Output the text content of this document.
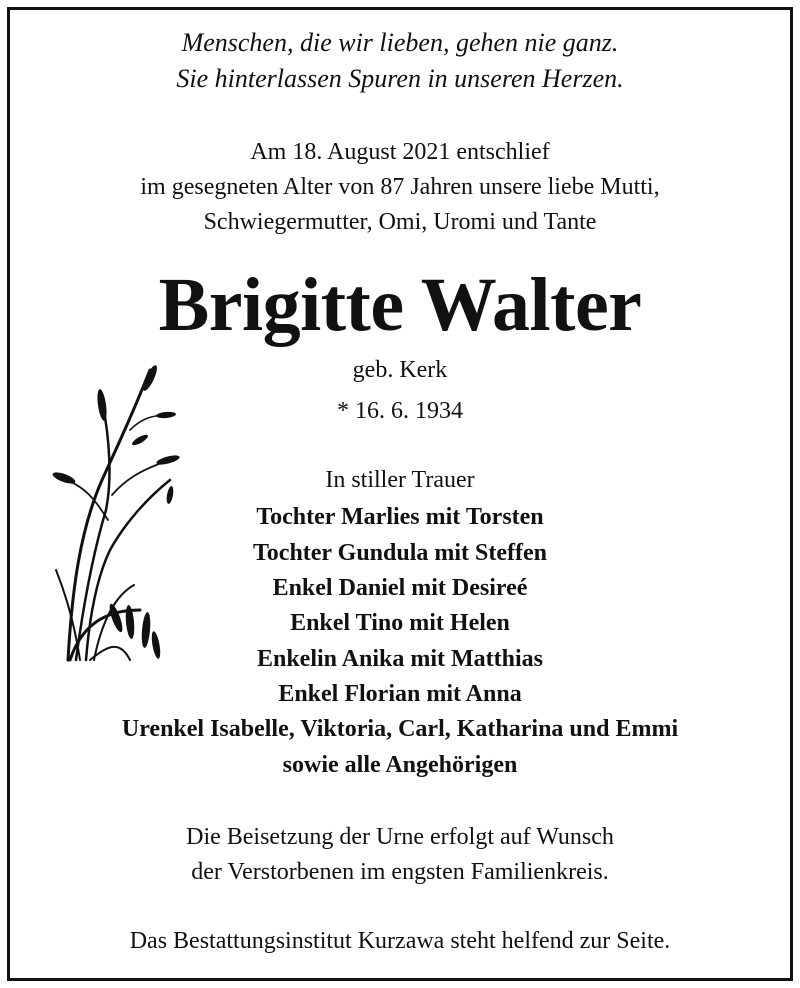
Menschen, die wir lieben, gehen nie ganz.
Sie hinterlassen Spuren in unseren Herzen.
Am 18. August 2021 entschlief
im gesegneten Alter von 87 Jahren unsere liebe Mutti,
Schwiegermutter, Omi, Uromi und Tante
Brigitte Walter
geb. Kerk
* 16. 6. 1934
In stiller Trauer
Tochter Marlies mit Torsten
Tochter Gundula mit Steffen
Enkel Daniel mit Desireé
Enkel Tino mit Helen
Enkelin Anika mit Matthias
Enkel Florian mit Anna
Urenkel Isabelle, Viktoria, Carl, Katharina und Emmi
sowie alle Angehörigen
Die Beisetzung der Urne erfolgt auf Wunsch
der Verstorbenen im engsten Familienkreis.
Das Bestattungsinstitut Kurzawa steht helfend zur Seite.
